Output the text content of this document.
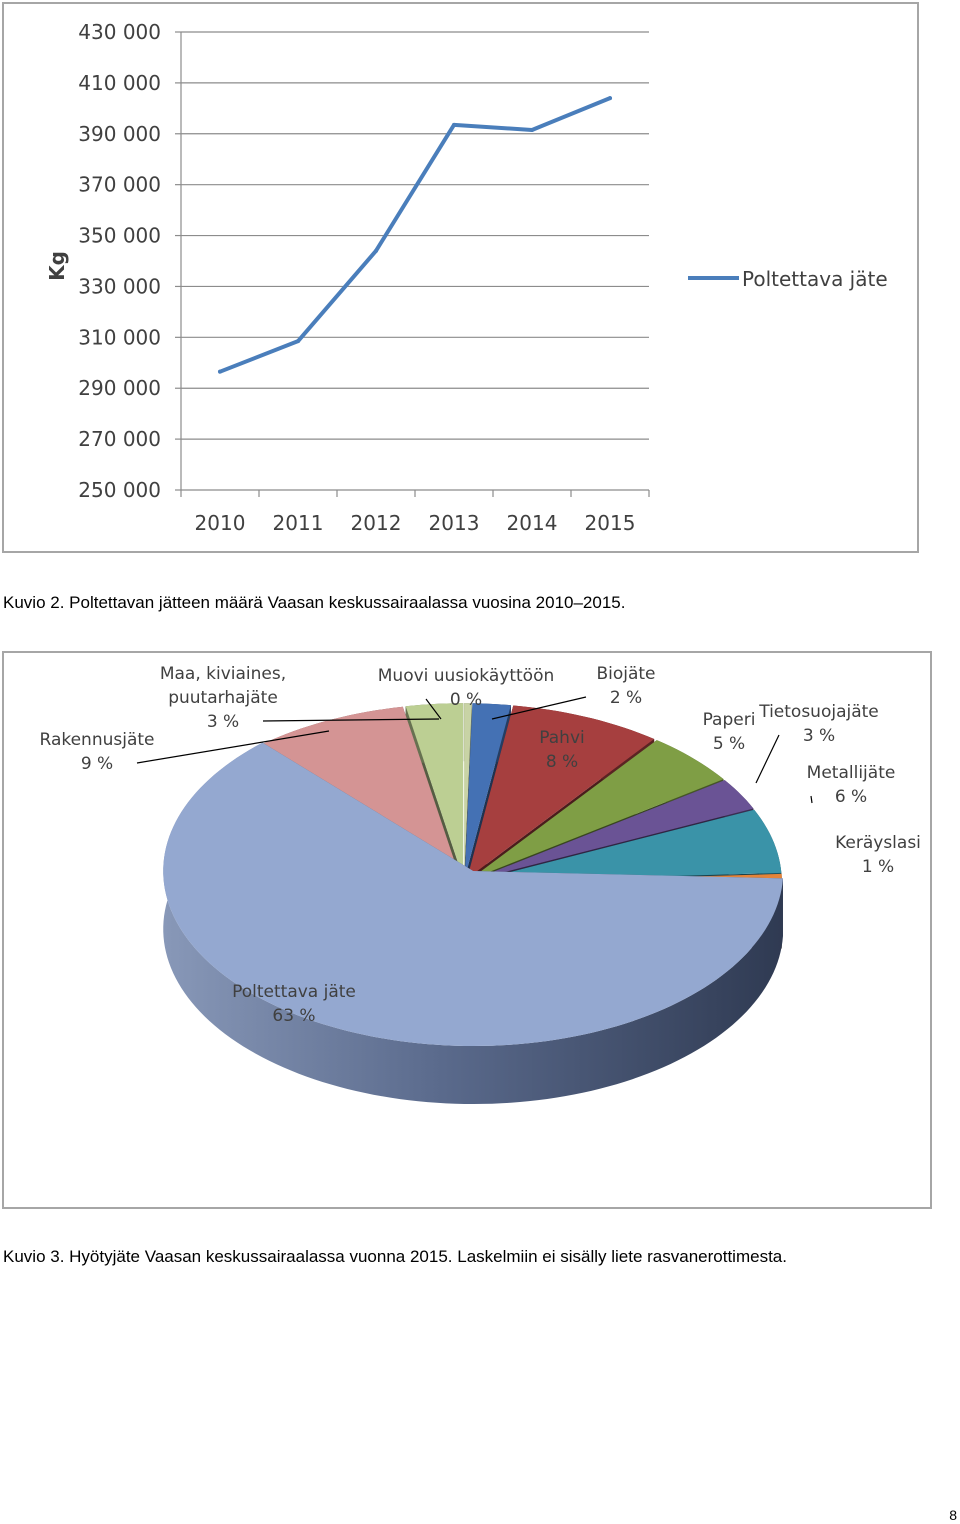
250 000
270 000
290 000
310 000
330 000
350 000
370 000
390 000
410 000
430 000
2010 2011 2012 2013 2014 2015
Kg	Poltettava jäte
Kuvio 2. Poltettavan jätteen määrä Vaasan keskussairaalassa vuosina 2010–2015.
Muovi uusiokäyttöön
0 %
Biojäte
2 %
Pahvi
8 %
Paperi
5 %
Tietosuojajäte
3 %
Metallijäte
6 %
Keräyslasi
1 %
Poltettava jäte
63 %
Rakennusjäte
9 %
Maa, kiviaines,
puutarhajäte
3 %
Kuvio 3. Hyötyjäte Vaasan keskussairaalassa vuonna 2015. Laskelmiin ei sisälly liete rasvanerottimesta.
8
